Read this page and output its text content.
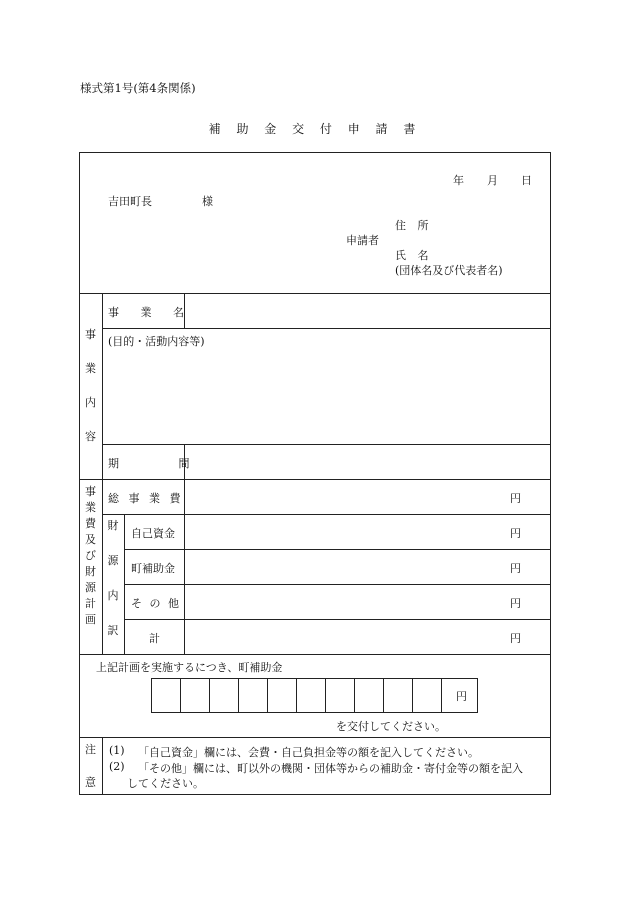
様式第1号(第4条関係)
補 助 金 交 付 申 請 書
年 月 日
吉田町長	様
住 所
申請者
氏 名
(団体名及び代表者名)
事
業
内
容
事 業 名
(目的・活動内容等)
期 間
事
業
費
及
び
財
源
計
画
財
源
内
訳
総 事 業 費	円
自己資金	円
町補助金	円
そ の 他	円
計	円
上記計画を実施するにつき、町補助金
円
を交付してください。
注
意
(1) 「自己資金」欄には、会費・自己負担金等の額を記入してください。
(2) 「その他」欄には、町以外の機関・団体等からの補助金・寄付金等の額を記入
してください。
